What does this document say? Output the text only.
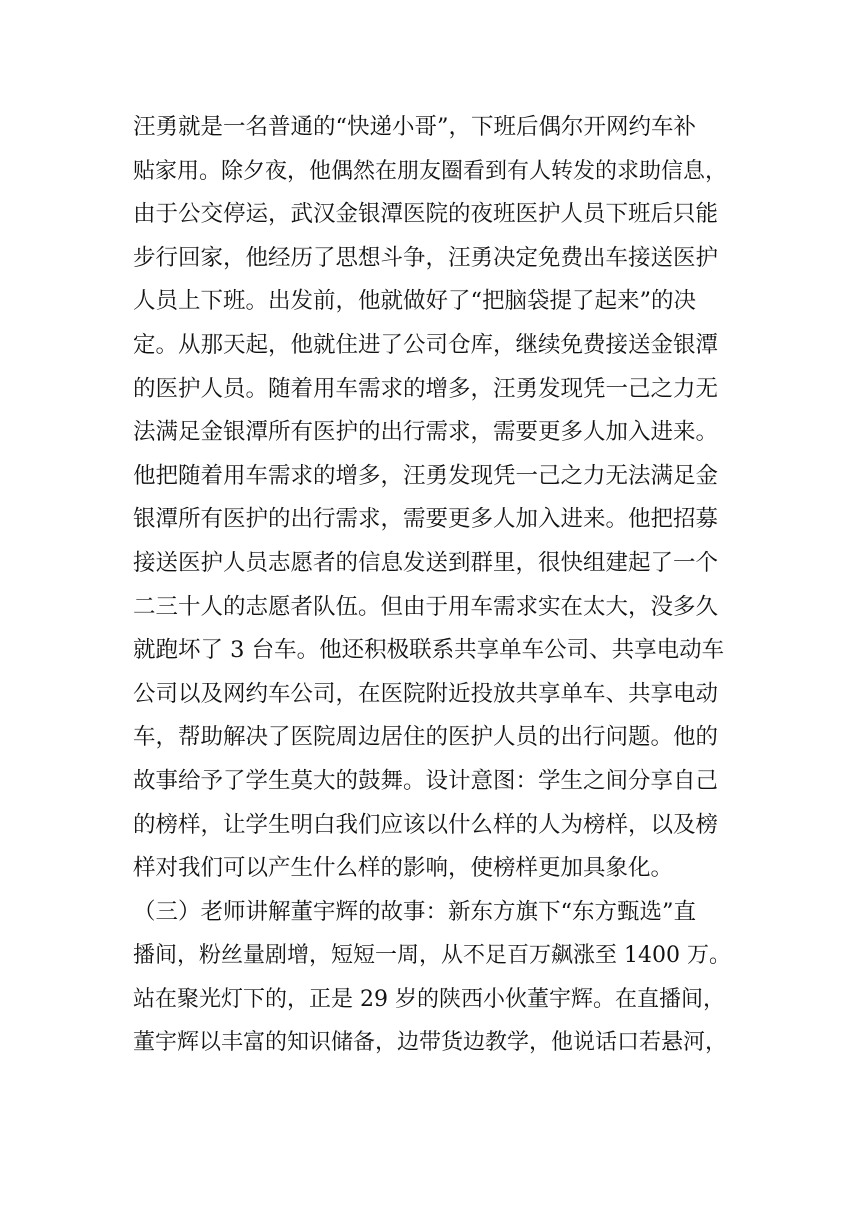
汪勇就是一名普通的“快递小哥”，下班后偶尔开网约车补
贴家用。除夕夜，他偶然在朋友圈看到有人转发的求助信息，
由于公交停运，武汉金银潭医院的夜班医护人员下班后只能
步行回家，他经历了思想斗争，汪勇决定免费出车接送医护
人员上下班。出发前，他就做好了“把脑袋提了起来”的决
定。从那天起，他就住进了公司仓库，继续免费接送金银潭
的医护人员。随着用车需求的增多，汪勇发现凭一己之力无
法满足金银潭所有医护的出行需求，需要更多人加入进来。
他把随着用车需求的增多，汪勇发现凭一己之力无法满足金
银潭所有医护的出行需求，需要更多人加入进来。他把招募
接送医护人员志愿者的信息发送到群里，很快组建起了一个
二三十人的志愿者队伍。但由于用车需求实在太大，没多久
就跑坏了 3 台车。他还积极联系共享单车公司、共享电动车
公司以及网约车公司，在医院附近投放共享单车、共享电动
车，帮助解决了医院周边居住的医护人员的出行问题。他的
故事给予了学生莫大的鼓舞。设计意图：学生之间分享自己
的榜样，让学生明白我们应该以什么样的人为榜样，以及榜
样对我们可以产生什么样的影响，使榜样更加具象化。
（三）老师讲解董宇辉的故事：新东方旗下“东方甄选”直
播间，粉丝量剧增，短短一周，从不足百万飙涨至 1400 万。
站在聚光灯下的，正是 29 岁的陕西小伙董宇辉。在直播间，
董宇辉以丰富的知识储备，边带货边教学，他说话口若悬河，
